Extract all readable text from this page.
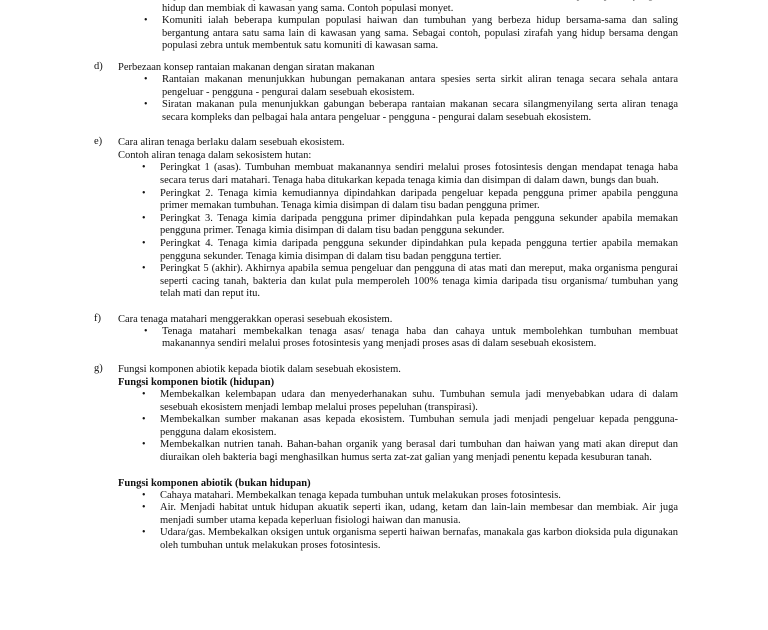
hidup dan membiak di kawasan yang sama. Contoh populasi monyet.
• Komuniti ialah beberapa kumpulan populasi haiwan dan tumbuhan yang berbeza hidup bersama-sama dan saling bergantung antara satu sama lain di kawasan yang sama. Sebagai contoh, populasi zirafah yang hidup bersama dengan populasi zebra untuk membentuk satu komuniti di kawasan sama.
d)	Perbezaan konsep rantaian makanan dengan siratan makanan
• Rantaian makanan menunjukkan hubungan pemakanan antara spesies serta sirkit aliran tenaga secara sehala antara pengeluar - pengguna - pengurai dalam sesebuah ekosistem.
• Siratan makanan pula menunjukkan gabungan beberapa rantaian makanan secara silangmenyilang serta aliran tenaga secara kompleks dan pelbagai hala antara pengeluar - pengguna - pengurai dalam sesebuah ekosistem.
e)	Cara aliran tenaga berlaku dalam sesebuah ekosistem.
Contoh aliran tenaga dalam sekosistem hutan:
• Peringkat 1 (asas). Tumbuhan membuat makanannya sendiri melalui proses fotosintesis dengan mendapat tenaga haba secara terus dari matahari. Tenaga haba ditukarkan kepada tenaga kimia dan disimpan di dalam dawn, bungs dan buah.
• Peringkat 2. Tenaga kimia kemudiannya dipindahkan daripada pengeluar kepada pengguna primer apabila pengguna primer memakan tumbuhan. Tenaga kimia disimpan di dalam tisu badan pengguna primer.
• Peringkat 3. Tenaga kimia daripada pengguna primer dipindahkan pula kepada pengguna sekunder apabila memakan pengguna primer. Tenaga kimia disimpan di dalam tisu badan pengguna sekunder.
• Peringkat 4. Tenaga kimia daripada pengguna sekunder dipindahkan pula kepada pengguna tertier apabila memakan pengguna sekunder. Tenaga kimia disimpan di dalam tisu badan pengguna tertier.
• Peringkat 5 (akhir). Akhirnya apabila semua pengeluar dan pengguna di atas mati dan mereput, maka organisma pengurai seperti cacing tanah, bakteria dan kulat pula memperoleh 100% tenaga kimia daripada tisu organisma/ tumbuhan yang telah mati dan reput itu.
f)	Cara tenaga matahari menggerakkan operasi sesebuah ekosistem.
• Tenaga matahari membekalkan tenaga asas/ tenaga haba dan cahaya untuk membolehkan tumbuhan membuat makanannya sendiri melalui proses fotosintesis yang menjadi proses asas di dalam sesebuah ekosistem.
g)	Fungsi komponen abiotik kepada biotik dalam sesebuah ekosistem.
Fungsi komponen biotik (hidupan)
• Membekalkan kelembapan udara dan menyederhanakan suhu. Tumbuhan semula jadi menyebabkan udara di dalam sesebuah ekosistem menjadi lembap melalui proses pepeluhan (transpirasi).
• Membekalkan sumber makanan asas kepada ekosistem. Tumbuhan semula jadi menjadi pengeluar kepada pengguna-pengguna dalam ekosistem.
• Membekalkan nutrien tanah. Bahan-bahan organik yang berasal dari tumbuhan dan haiwan yang mati akan direput dan diuraikan oleh bakteria bagi menghasilkan humus serta zat-zat galian yang menjadi penentu kepada kesuburan tanah.
Fungsi komponen abiotik (bukan hidupan)
• Cahaya matahari. Membekalkan tenaga kepada tumbuhan untuk melakukan proses fotosintesis.
• Air. Menjadi habitat untuk hidupan akuatik seperti ikan, udang, ketam dan lain-lain membesar dan membiak. Air juga menjadi sumber utama kepada keperluan fisiologi haiwan dan manusia.
• Udara/gas. Membekalkan oksigen untuk organisma seperti haiwan bernafas, manakala gas karbon dioksida pula digunakan oleh tumbuhan untuk melakukan proses fotosintesis.
